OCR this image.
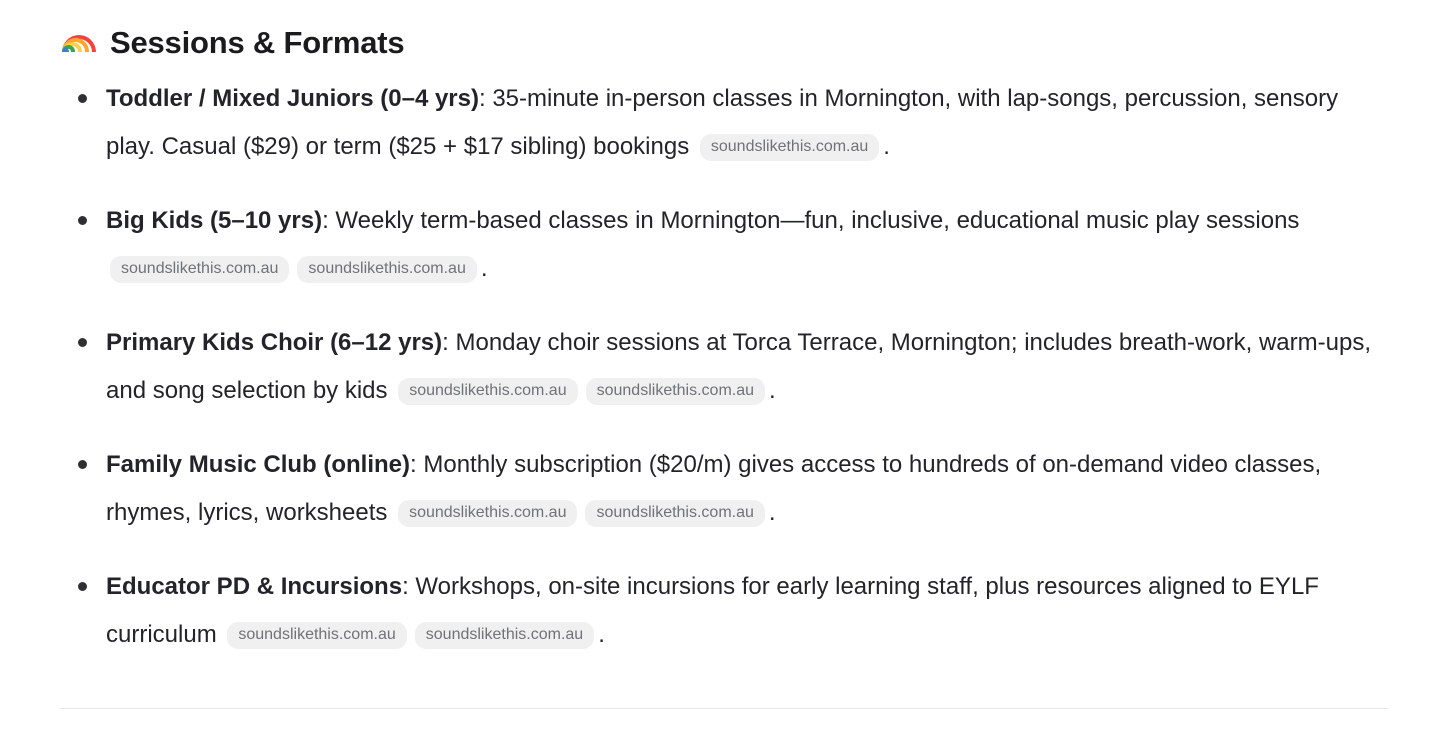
Sessions & Formats
Toddler / Mixed Juniors (0–4 yrs): 35-minute in-person classes in Mornington, with lap-songs, percussion, sensory play. Casual ($29) or term ($25 + $17 sibling) bookings soundslikethis.com.au .
Big Kids (5–10 yrs): Weekly term-based classes in Mornington—fun, inclusive, educational music play sessions soundslikethis.com.au soundslikethis.com.au .
Primary Kids Choir (6–12 yrs): Monday choir sessions at Torca Terrace, Mornington; includes breath-work, warm-ups, and song selection by kids soundslikethis.com.au soundslikethis.com.au .
Family Music Club (online): Monthly subscription ($20/m) gives access to hundreds of on-demand video classes, rhymes, lyrics, worksheets soundslikethis.com.au soundslikethis.com.au .
Educator PD & Incursions: Workshops, on-site incursions for early learning staff, plus resources aligned to EYLF curriculum soundslikethis.com.au soundslikethis.com.au .
